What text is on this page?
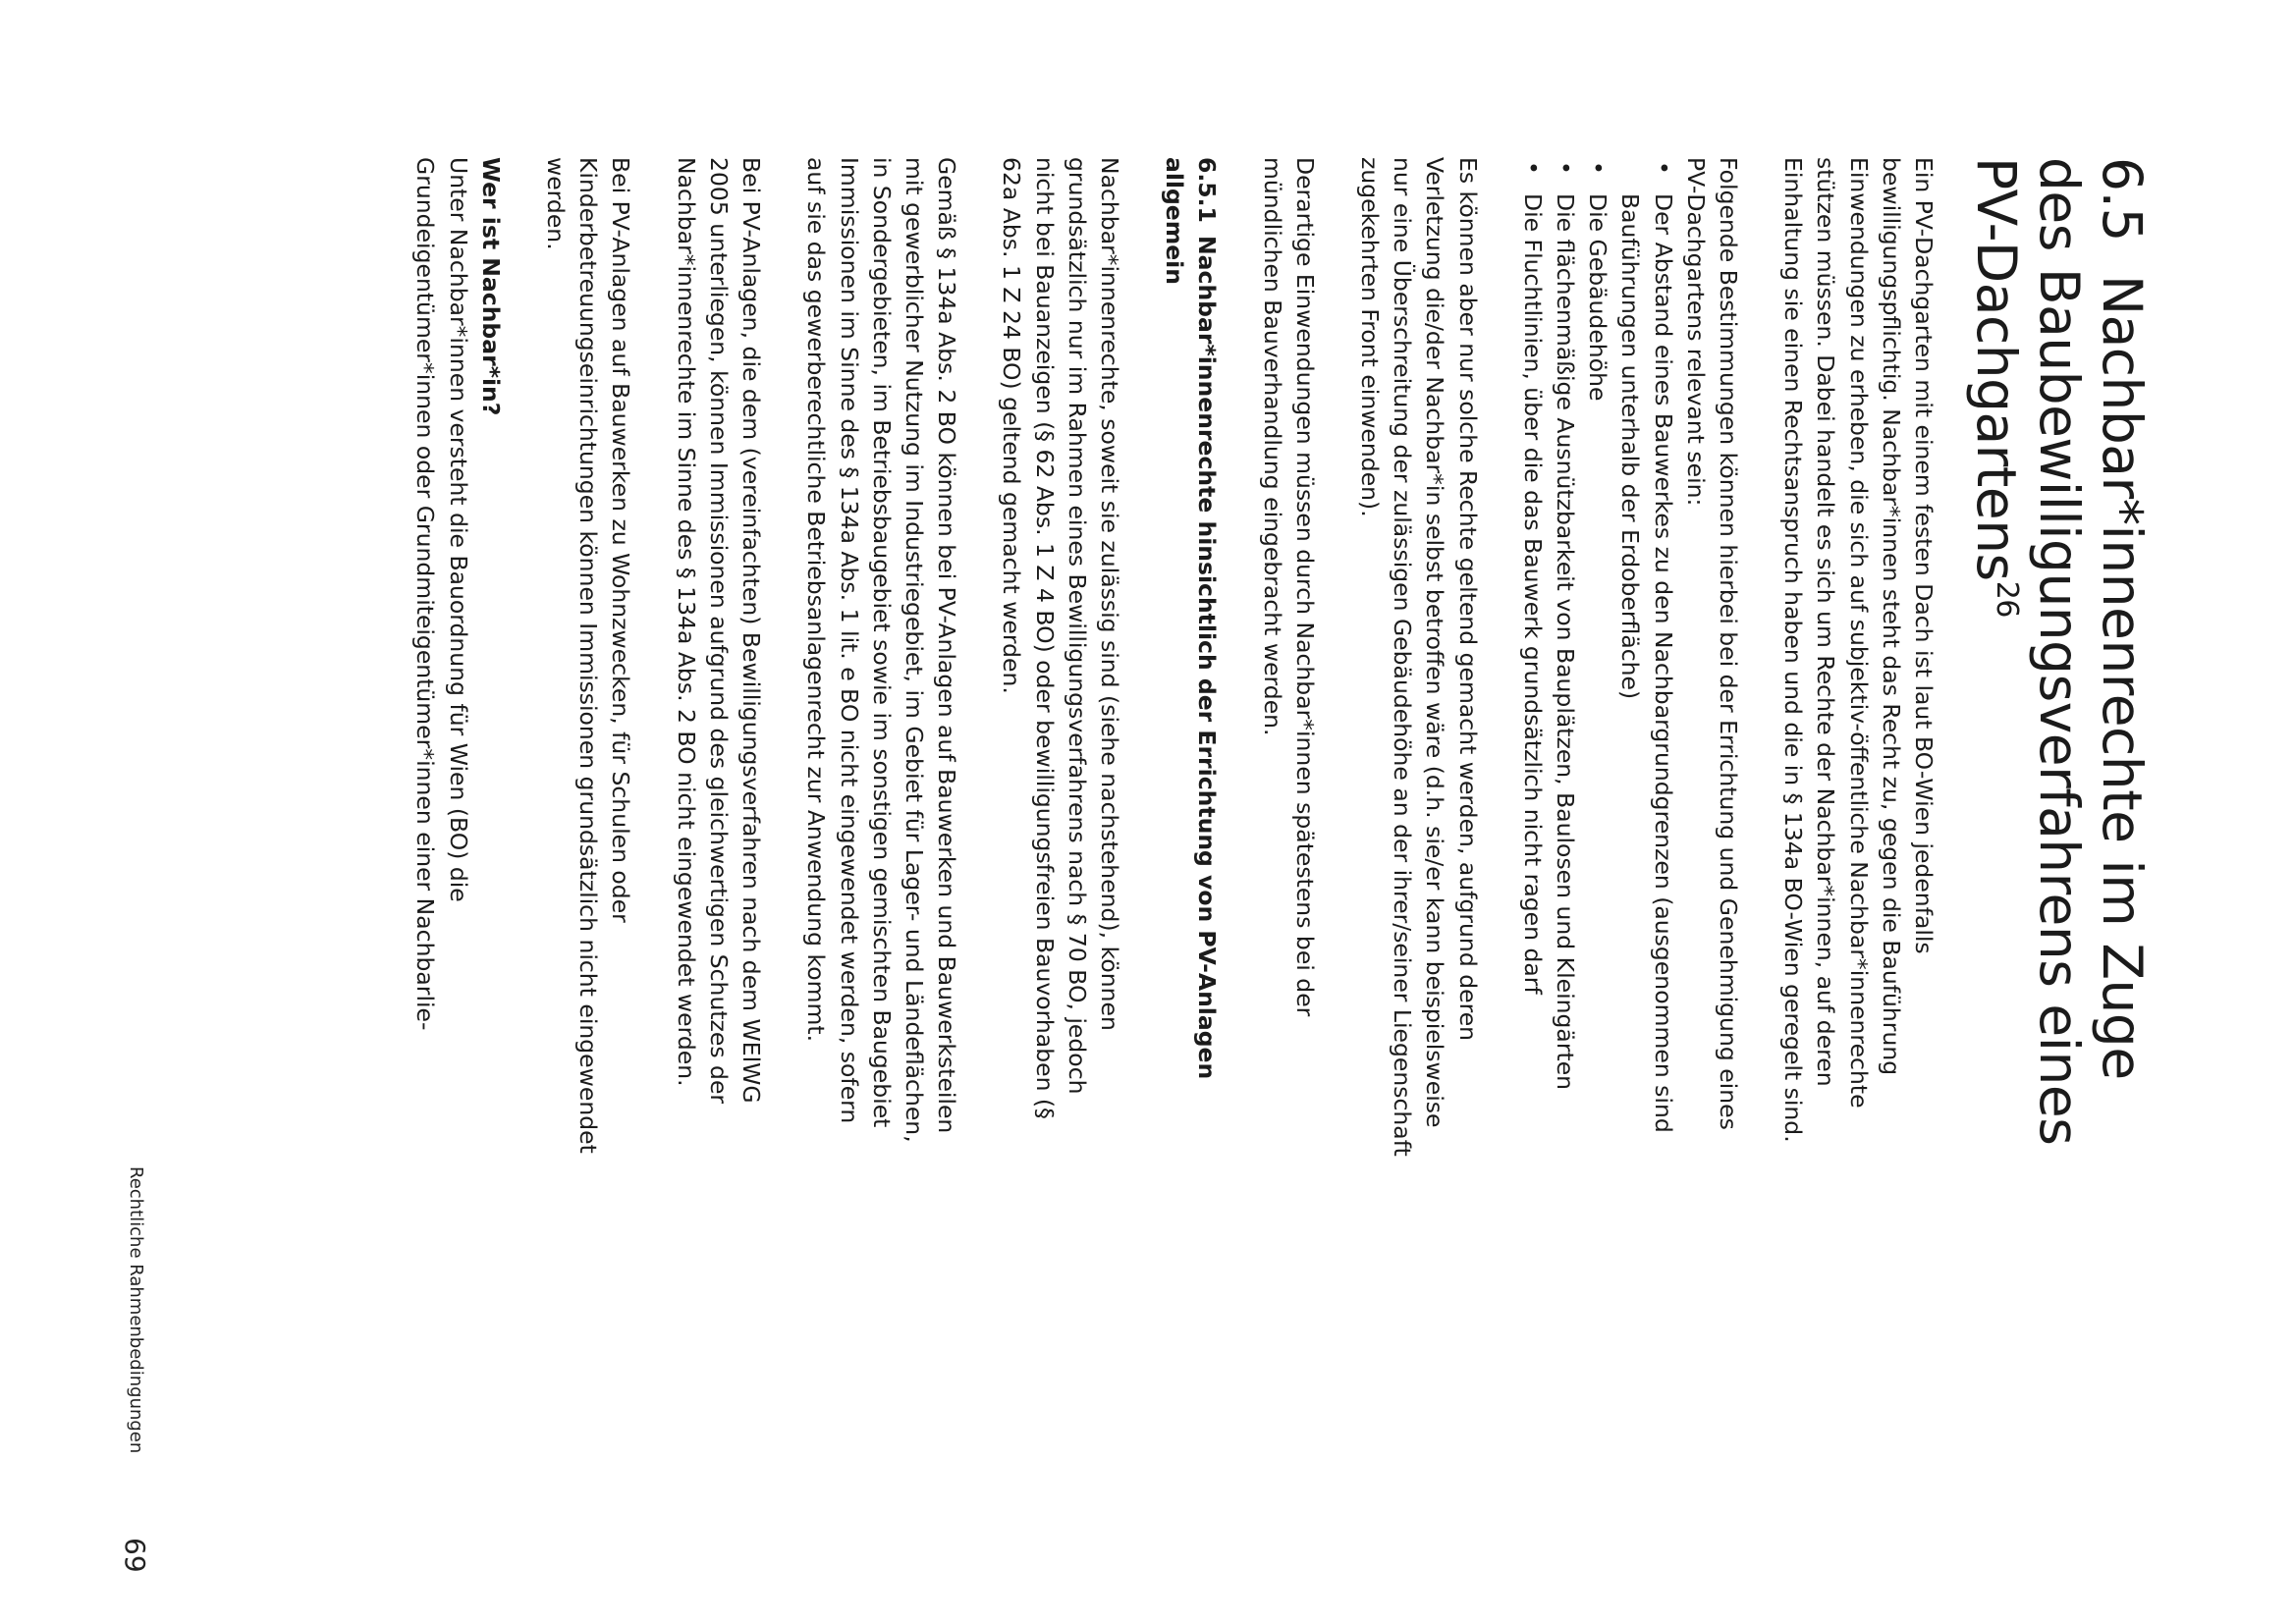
6.5  Nachbar*innenrechte im Zuge des Baubewilligungsverfahrens eines PV-Dachgartens$^{26}$

Ein PV-Dachgarten mit einem festen Dach ist laut BO-Wien jedenfalls bewilligungspflichtig. Nachbar*innen steht das Recht zu, gegen die Bauführung Einwendungen zu erheben, die sich auf subjektiv-öffentliche Nachbar*innenrechte stützen müssen. Dabei handelt es sich um Rechte der Nachbar*innen, auf deren Einhaltung sie einen Rechtsanspruch haben und die in § 134a BO-Wien geregelt sind.

Folgende Bestimmungen können hierbei bei der Errichtung und Genehmigung eines PV-Dachgartens relevant sein:

•
Der Abstand eines Bauwerkes zu den Nachbargrundgrenzen (ausgenommen sind Bauführungen unterhalb der Erdoberfläche)
•
Die Gebäudehöhe
•
Die flächenmäßige Ausnützbarkeit von Bauplätzen, Baulosen und Kleingärten
•
Die Fluchtlinien, über die das Bauwerk grundsätzlich nicht ragen darf

Es können aber nur solche Rechte geltend gemacht werden, aufgrund deren Verletzung die/der Nachbar*in selbst betroffen wäre (d.h. sie/er kann beispielsweise nur eine Überschreitung der zulässigen Gebäudehöhe an der ihrer/seiner Liegenschaft zugekehrten Front einwenden).

Derartige Einwendungen müssen durch Nachbar*innen spätestens bei der mündlichen Bauverhandlung eingebracht werden.

6.5.1Nachbar*innenrechte hinsichtlich der Errichtung von PV-Anlagen allgemein

Nachbar*innenrechte, soweit sie zulässig sind (siehe nachstehend), können grundsätzlich nur im Rahmen eines Bewilligungsverfahrens nach § 70 BO, jedoch nicht bei Bauanzeigen (§ 62 Abs. 1 Z 4 BO) oder bewilligungsfreien Bauvorhaben (§ 62a Abs. 1 Z 24 BO) geltend gemacht werden.

Gemäß § 134a Abs. 2 BO können bei PV-Anlagen auf Bauwerken und Bauwerksteilen mit gewerblicher Nutzung im Industriegebiet, im Gebiet für Lager- und Ländeflächen, in Sondergebieten, im Betriebsbaugebiet sowie im sonstigen gemischten Baugebiet Immissionen im Sinne des § 134a Abs. 1 lit. e BO nicht eingewendet werden, sofern auf sie das gewerberechtliche Betriebsanlagenrecht zur Anwendung kommt.

Bei PV-Anlagen, die dem (vereinfachten) Bewilligungsverfahren nach dem WElWG 2005 unterliegen, können Immissionen aufgrund des gleichwertigen Schutzes der Nachbar*innenrechte im Sinne des § 134a Abs. 2 BO nicht eingewendet werden.

Bei PV-Anlagen auf Bauwerken zu Wohnzwecken, für Schulen oder Kinderbetreuungseinrichtungen können Immissionen grundsätzlich nicht eingewendet werden.

Wer ist Nachbar*in?

Unter Nachbar*innen versteht die Bauordnung für Wien (BO) die Grundeigentümer*innen oder Grundmiteigentümer*innen einer Nachbarlie-

Rechtliche Rahmenbedingungen
69
